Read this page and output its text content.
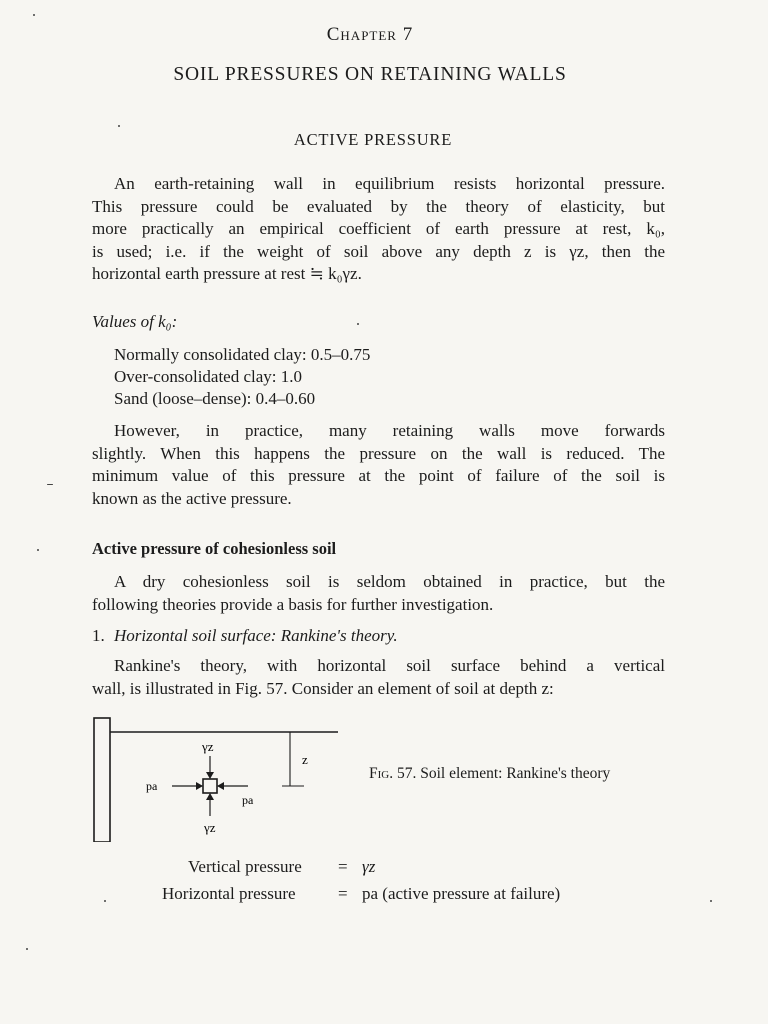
Chapter 7
SOIL PRESSURES ON RETAINING WALLS
ACTIVE PRESSURE
An earth-retaining wall in equilibrium resists horizontal pressure.
This pressure could be evaluated by the theory of elasticity, but
more practically an empirical coefficient of earth pressure at rest, k₀,
is used; i.e. if the weight of soil above any depth z is γz, then the
horizontal earth pressure at rest ≒ k₀γz.
Values of k₀:
Normally consolidated clay: 0.5–0.75
Over-consolidated clay: 1.0
Sand (loose–dense): 0.4–0.60
However, in practice, many retaining walls move forwards
slightly. When this happens the pressure on the wall is reduced. The
minimum value of this pressure at the point of failure of the soil is
known as the active pressure.
Active pressure of cohesionless soil
A dry cohesionless soil is seldom obtained in practice, but the
following theories provide a basis for further investigation.
1. Horizontal soil surface: Rankine's theory.
Rankine's theory, with horizontal soil surface behind a vertical
wall, is illustrated in Fig. 57. Consider an element of soil at depth z:
γz
γz
pa
pa
z
Fig. 57. Soil element: Rankine's theory
Vertical pressure = γz
Horizontal pressure = pa (active pressure at failure)
